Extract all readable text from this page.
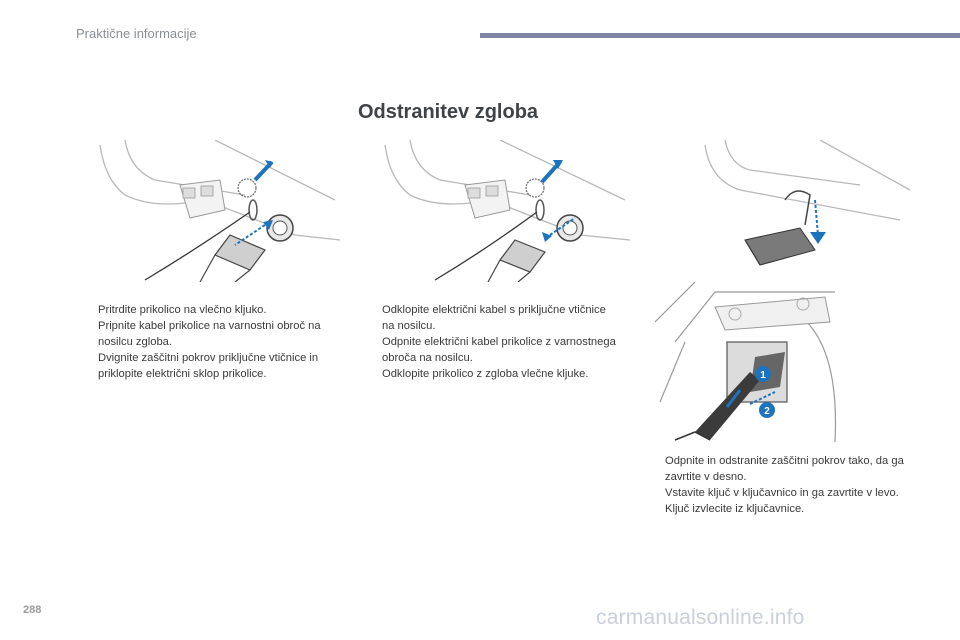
Praktične informacije
Odstranitev zgloba
1
2
Pritrdite prikolico na vlečno kljuko.
Pripnite kabel prikolice na varnostni obroč na nosilcu zgloba.
Dvignite zaščitni pokrov priključne vtičnice in priklopite električni sklop prikolice.
Odklopite električni kabel s priključne vtičnice na nosilcu.
Odpnite električni kabel prikolice z varnostnega obroča na nosilcu.
Odklopite prikolico z zgloba vlečne kljuke.
Odpnite in odstranite zaščitni pokrov tako, da ga zavrtite v desno.
Vstavite ključ v ključavnico in ga zavrtite v levo.
Ključ izvlecite iz ključavnice.
288	carmanualsonline.info
